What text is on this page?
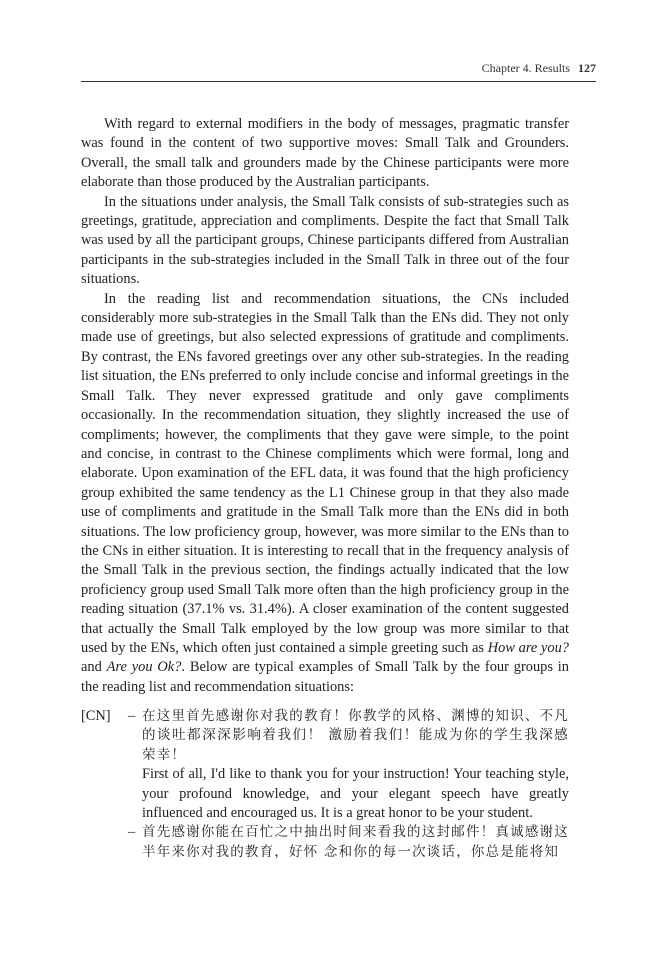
Chapter 4. Results 127

With regard to external modifiers in the body of messages, pragmatic transfer was found in the content of two supportive moves: Small Talk and Grounders. Overall, the small talk and grounders made by the Chinese participants were more elaborate than those produced by the Australian participants.

In the situations under analysis, the Small Talk consists of sub-strategies such as greetings, gratitude, appreciation and compliments. Despite the fact that Small Talk was used by all the participant groups, Chinese participants differed from Australian participants in the sub-strategies included in the Small Talk in three out of the four situations.

In the reading list and recommendation situations, the CNs included considerably more sub-strategies in the Small Talk than the ENs did. They not only made use of greetings, but also selected expressions of gratitude and compliments. By contrast, the ENs favored greetings over any other sub-strategies. In the reading list situation, the ENs preferred to only include concise and informal greetings in the Small Talk. They never expressed gratitude and only gave compliments occasionally. In the recommendation situation, they slightly increased the use of compliments; however, the compliments that they gave were simple, to the point and concise, in contrast to the Chinese compliments which were formal, long and elaborate. Upon examination of the EFL data, it was found that the high proficiency group exhibited the same tendency as the L1 Chinese group in that they also made use of compliments and gratitude in the Small Talk more than the ENs did in both situations. The low proficiency group, however, was more similar to the ENs than to the CNs in either situation. It is interesting to recall that in the frequency analysis of the Small Talk in the previous section, the findings actually indicated that the low proficiency group used Small Talk more often than the high proficiency group in the reading situation (37.1% vs. 31.4%). A closer examination of the content suggested that actually the Small Talk employed by the low group was more similar to that used by the ENs, which often just contained a simple greeting such as How are you? and Are you Ok?. Below are typical examples of Small Talk by the four groups in the reading list and recommendation situations:

[CN]	– 在这里首先感谢你对我的教育！你教学的风格、渊博的知识、不凡的谈吐都深深影响着我们！ 激励着我们！能成为你的学生我深感荣幸！
First of all, I'd like to thank you for your instruction! Your teaching style, your profound knowledge, and your elegant speech have greatly influenced and encouraged us. It is a great honor to be your student.
– 首先感谢你能在百忙之中抽出时间来看我的这封邮件！真诚感谢这半年来你对我的教育，好怀 念和你的每一次谈话，你总是能将知
